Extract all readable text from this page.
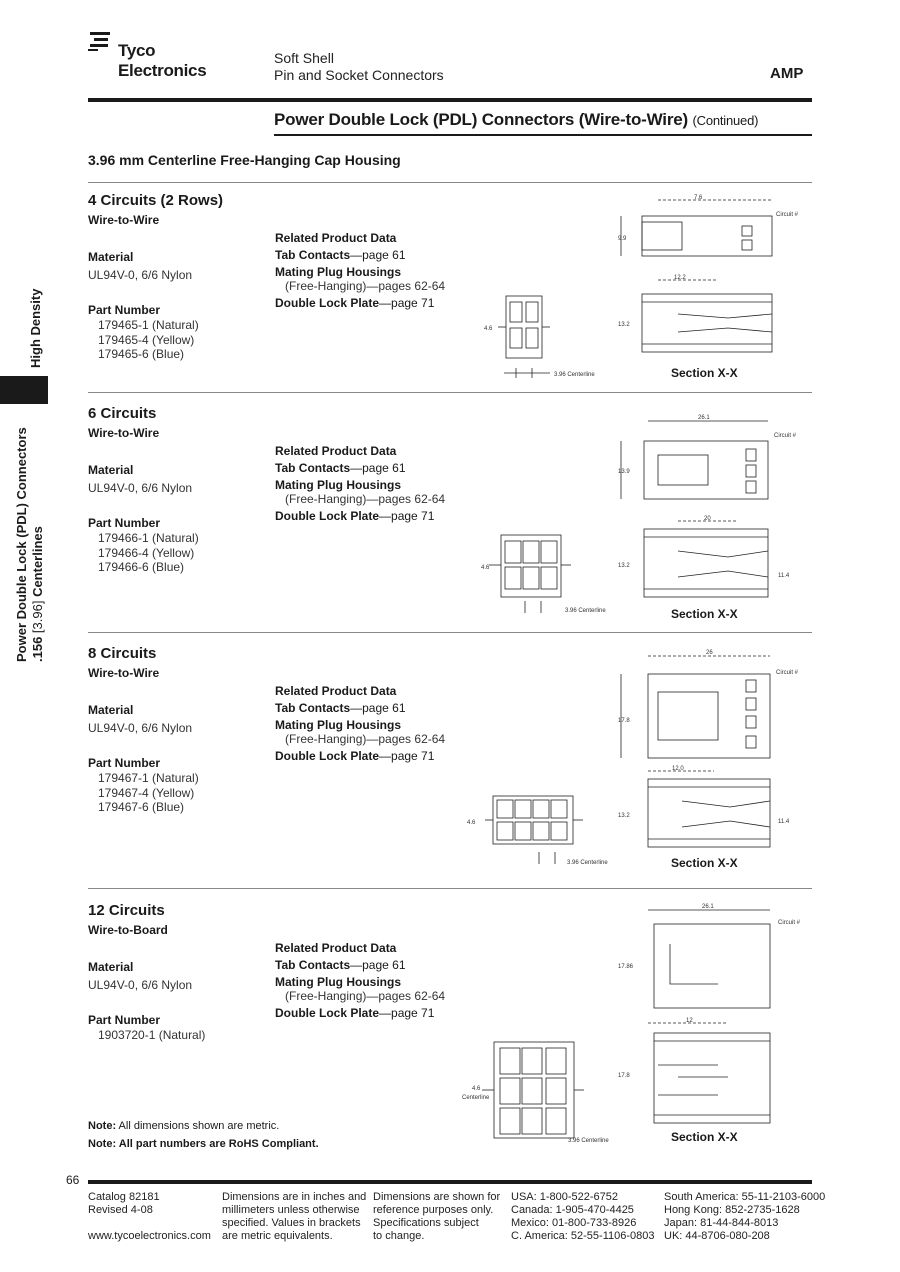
Tyco
Electronics
Soft Shell
Pin and Socket Connectors	AMP
Power Double Lock (PDL) Connectors (Wire-to-Wire) (Continued)
3.96 mm Centerline Free-Hanging Cap Housing
High Density
Power Double Lock (PDL) Connectors .156 [3.96] Centerlines
4 Circuits (2 Rows)
Wire-to-Wire
Material
UL94V-0, 6/6 Nylon
Part Number
179465-1 (Natural)
179465-4 (Yellow)
179465-6 (Blue)
Related Product Data
Tab Contacts—page 61
Mating Plug Housings
(Free-Hanging)—pages 62-64
Double Lock Plate—page 71
4.6
3.96 Centerline
7.6
9.9
Circuit #
12.2
13.2
Section X-X
6 Circuits
Wire-to-Wire
Material
UL94V-0, 6/6 Nylon
Part Number
179466-1 (Natural)
179466-4 (Yellow)
179466-6 (Blue)
Related Product Data
Tab Contacts—page 61
Mating Plug Housings
(Free-Hanging)—pages 62-64
Double Lock Plate—page 71
4.6
3.96 Centerline
26.1
13.9
Circuit #
20
13.2
11.4
Section X-X
8 Circuits
Wire-to-Wire
Material
UL94V-0, 6/6 Nylon
Part Number
179467-1 (Natural)
179467-4 (Yellow)
179467-6 (Blue)
Related Product Data
Tab Contacts—page 61
Mating Plug Housings
(Free-Hanging)—pages 62-64
Double Lock Plate—page 71
4.6
3.96 Centerline
26
17.8
Circuit #
12.0
13.2
11.4
Section X-X
12 Circuits
Wire-to-Board
Material
UL94V-0, 6/6 Nylon
Part Number
1903720-1 (Natural)
Related Product Data
Tab Contacts—page 61
Mating Plug Housings
(Free-Hanging)—pages 62-64
Double Lock Plate—page 71
4.6
Centerline
3.96 Centerline
26.1
17.86
Circuit #
12
17.8
Section X-X
Note: All dimensions shown are metric.
Note: All part numbers are RoHS Compliant.
66
Catalog 82181
Revised 4-08
www.tycoelectronics.com
Dimensions are in inches and
millimeters unless otherwise
specified. Values in brackets
are metric equivalents.
Dimensions are shown for
reference purposes only.
Specifications subject
to change.
USA: 1-800-522-6752
Canada: 1-905-470-4425
Mexico: 01-800-733-8926
C. America: 52-55-1106-0803
South America: 55-11-2103-6000
Hong Kong: 852-2735-1628
Japan: 81-44-844-8013
UK: 44-8706-080-208
